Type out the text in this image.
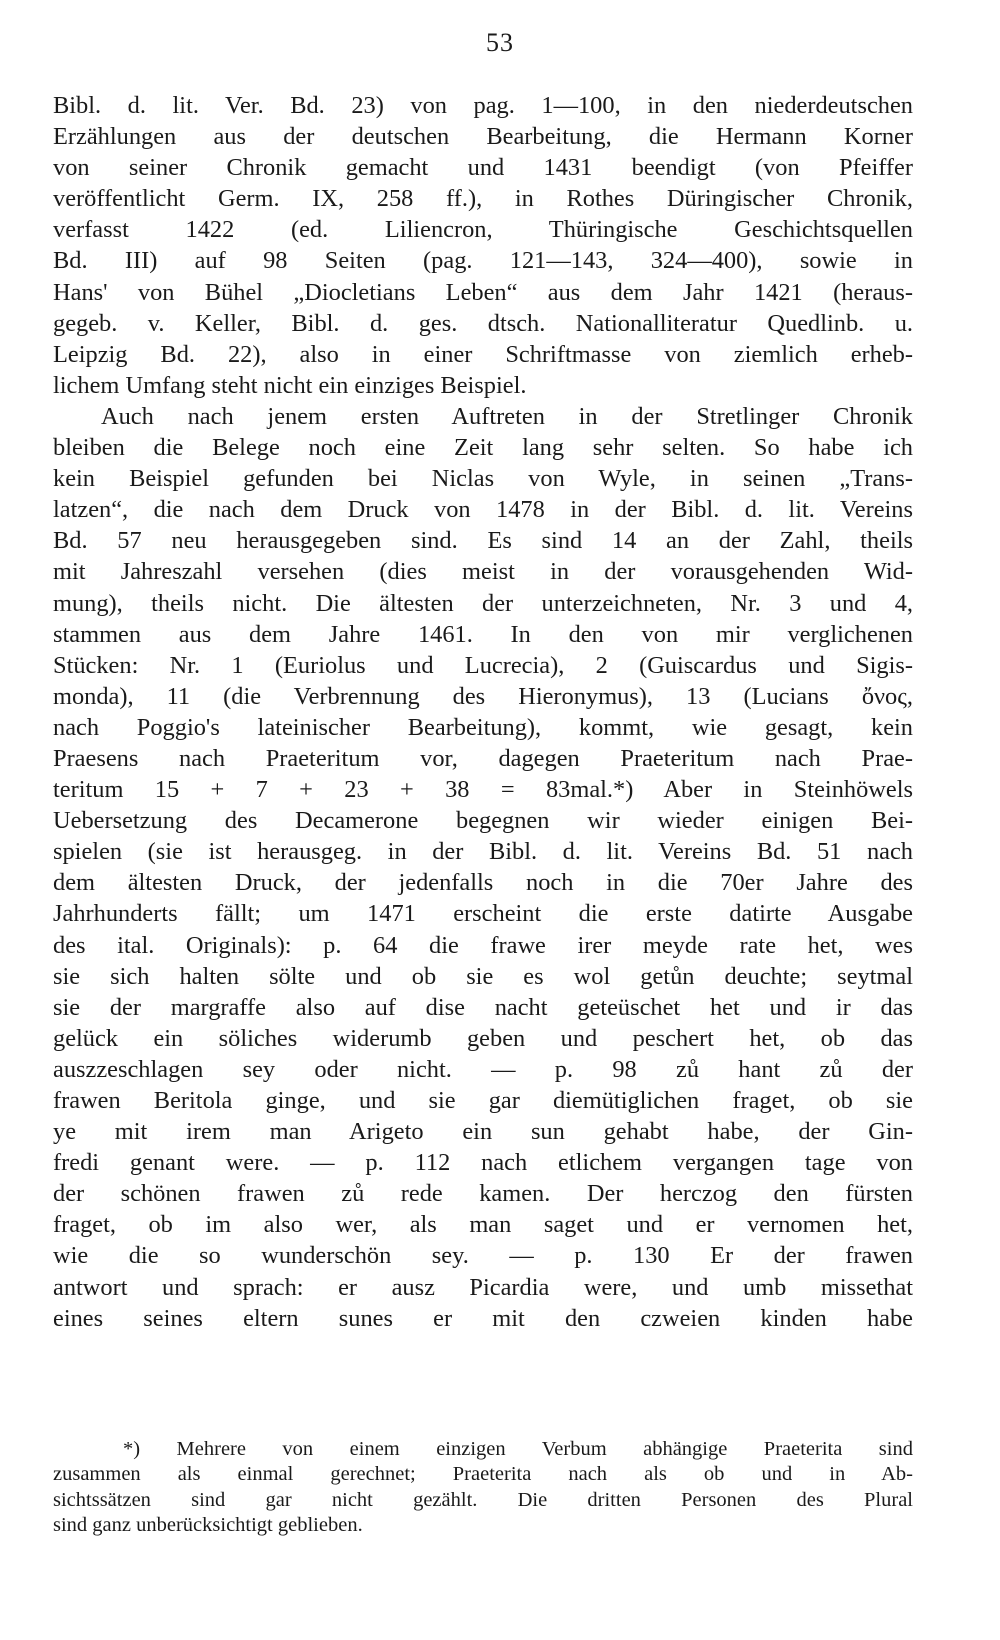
53
Bibl. d. lit. Ver. Bd. 23) von pag. 1—100, in den niederdeutschen
Erzählungen aus der deutschen Bearbeitung, die Hermann Korner
von seiner Chronik gemacht und 1431 beendigt (von Pfeiffer
veröffentlicht Germ. IX, 258 ff.), in Rothes Düringischer Chronik,
verfasst 1422 (ed. Liliencron, Thüringische Geschichtsquellen
Bd. III) auf 98 Seiten (pag. 121—143, 324—400), sowie in
Hans' von Bühel „Diocletians Leben“ aus dem Jahr 1421 (heraus-
gegeb. v. Keller, Bibl. d. ges. dtsch. Nationalliteratur Quedlinb. u.
Leipzig Bd. 22), also in einer Schriftmasse von ziemlich erheb-
lichem Umfang steht nicht ein einziges Beispiel.
Auch nach jenem ersten Auftreten in der Stretlinger Chronik
bleiben die Belege noch eine Zeit lang sehr selten. So habe ich
kein Beispiel gefunden bei Niclas von Wyle, in seinen „Trans-
latzen“, die nach dem Druck von 1478 in der Bibl. d. lit. Vereins
Bd. 57 neu herausgegeben sind. Es sind 14 an der Zahl, theils
mit Jahreszahl versehen (dies meist in der vorausgehenden Wid-
mung), theils nicht. Die ältesten der unterzeichneten, Nr. 3 und 4,
stammen aus dem Jahre 1461. In den von mir verglichenen
Stücken: Nr. 1 (Euriolus und Lucrecia), 2 (Guiscardus und Sigis-
monda), 11 (die Verbrennung des Hieronymus), 13 (Lucians ὄνος,
nach Poggio's lateinischer Bearbeitung), kommt, wie gesagt, kein
Praesens nach Praeteritum vor, dagegen Praeteritum nach Prae-
teritum 15 + 7 + 23 + 38 = 83mal.*) Aber in Steinhöwels
Uebersetzung des Decamerone begegnen wir wieder einigen Bei-
spielen (sie ist herausgeg. in der Bibl. d. lit. Vereins Bd. 51 nach
dem ältesten Druck, der jedenfalls noch in die 70er Jahre des
Jahrhunderts fällt; um 1471 erscheint die erste datirte Ausgabe
des ital. Originals): p. 64 die frawe irer meyde rate het, wes
sie sich halten sölte und ob sie es wol getůn deuchte; seytmal
sie der margraffe also auf dise nacht geteüschet het und ir das
gelück ein söliches widerumb geben und peschert het, ob das
auszzeschlagen sey oder nicht. — p. 98 zů hant zů der
frawen Beritola ginge, und sie gar diemütiglichen fraget, ob sie
ye mit irem man Arigeto ein sun gehabt habe, der Gin-
fredi genant were. — p. 112 nach etlichem vergangen tage von
der schönen frawen zů rede kamen. Der herczog den fürsten
fraget, ob im also wer, als man saget und er vernomen het,
wie die so wunderschön sey. — p. 130 Er der frawen
antwort und sprach: er ausz Picardia were, und umb missethat
eines seines eltern sunes er mit den czweien kinden habe
*) Mehrere von einem einzigen Verbum abhängige Praeterita sind
zusammen als einmal gerechnet; Praeterita nach als ob und in Ab-
sichtssätzen sind gar nicht gezählt. Die dritten Personen des Plural
sind ganz unberücksichtigt geblieben.
